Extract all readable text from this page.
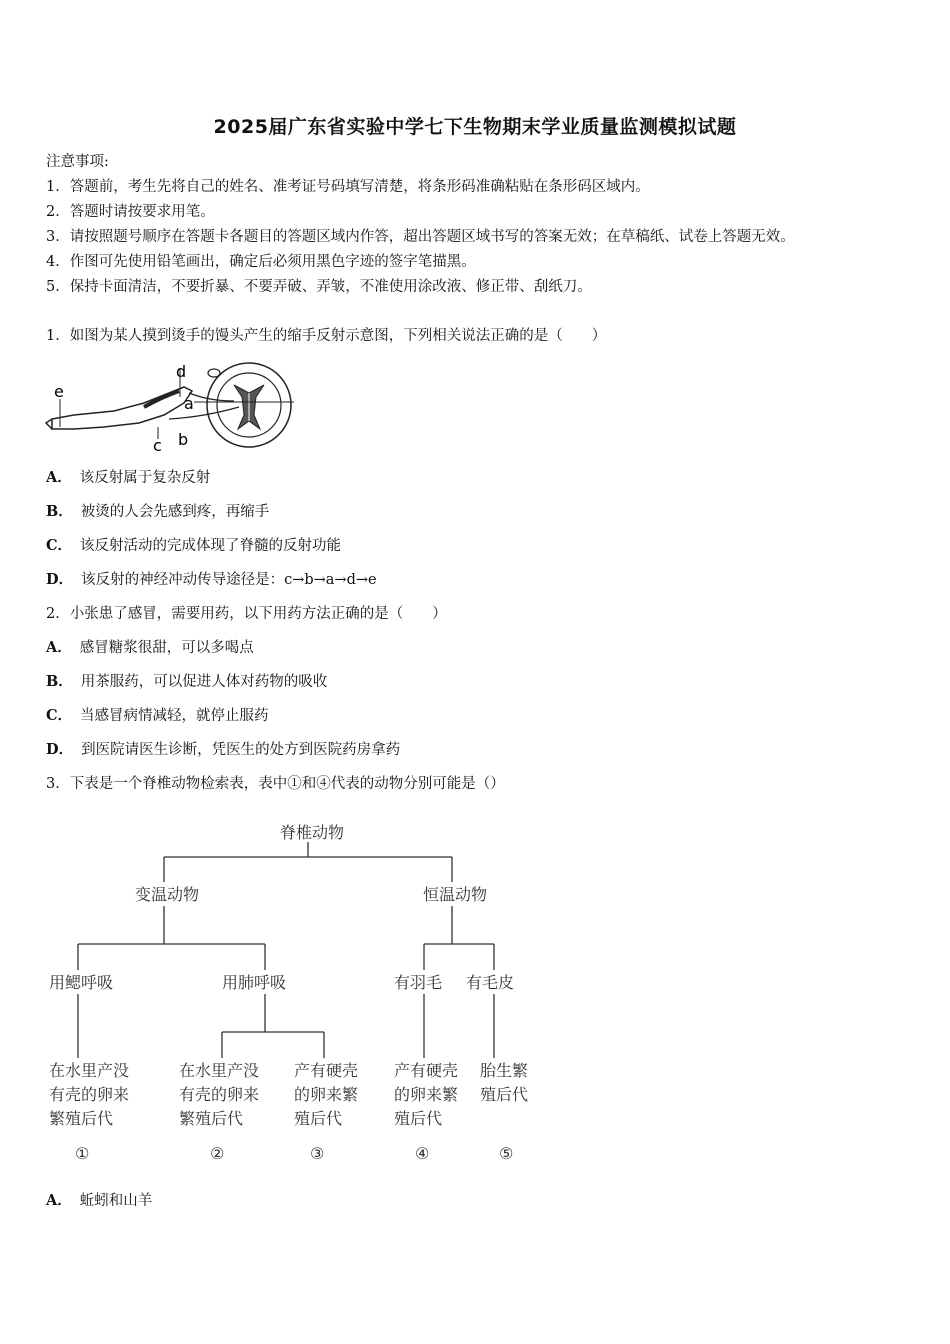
2025届广东省实验中学七下生物期末学业质量监测模拟试题
注意事项:
1．答题前，考生先将自己的姓名、准考证号码填写清楚，将条形码准确粘贴在条形码区域内。
2．答题时请按要求用笔。
3．请按照题号顺序在答题卡各题目的答题区域内作答，超出答题区域书写的答案无效；在草稿纸、试卷上答题无效。
4．作图可先使用铅笔画出，确定后必须用黑色字迹的签字笔描黑。
5．保持卡面清洁，不要折暴、不要弄破、弄皱，不准使用涂改液、修正带、刮纸刀。
1．如图为某人摸到烫手的馒头产生的缩手反射示意图，下列相关说法正确的是（　　）
e
d
a
c b
A． 该反射属于复杂反射
B． 被烫的人会先感到疼，再缩手
C． 该反射活动的完成体现了脊髓的反射功能
D． 该反射的神经冲动传导途径是：c→b→a→d→e
2．小张患了感冒，需要用药，以下用药方法正确的是（　　）
A． 感冒糖浆很甜，可以多喝点
B． 用茶服药，可以促进人体对药物的吸收
C． 当感冒病情减轻，就停止服药
D． 到医院请医生诊断，凭医生的处方到医院药房拿药
3．下表是一个脊椎动物检索表，表中①和④代表的动物分别可能是（）
脊椎动物
变温动物	恒温动物
用鳃呼吸	用肺呼吸	有羽毛 有毛皮
在水里产没
有壳的卵来
繁殖后代
在水里产没
有壳的卵来
繁殖后代
产有硬壳
的卵来繁
殖后代
产有硬壳
的卵来繁
殖后代
胎生繁
殖后代
①	②	③	④	⑤
A． 蚯蚓和山羊
